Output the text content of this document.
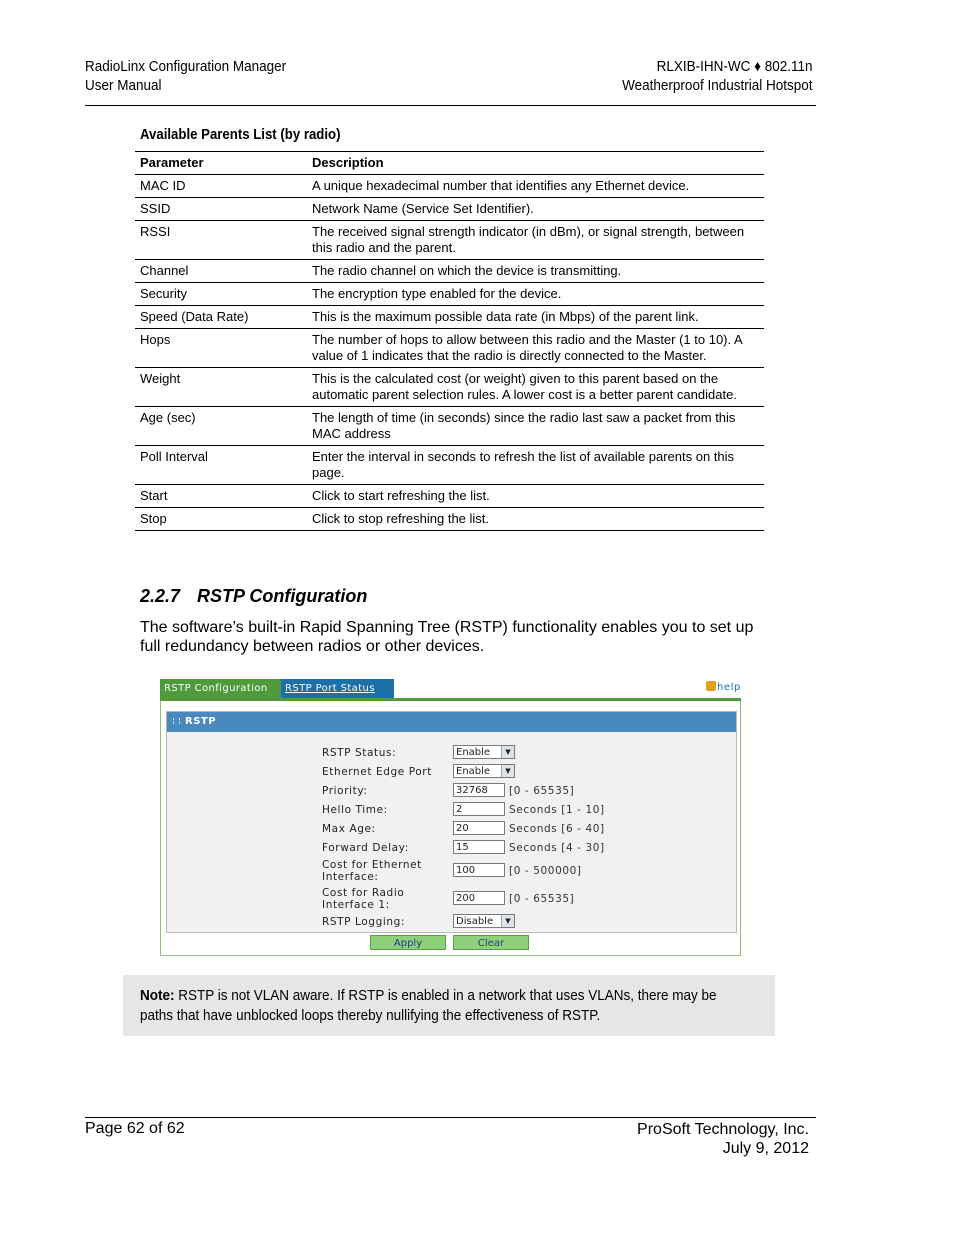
RadioLinx Configuration Manager
User Manual
RLXIB-IHN-WC ♦ 802.11n
Weatherproof Industrial Hotspot
Available Parents List (by radio)
Parameter	Description
MAC ID	A unique hexadecimal number that identifies any Ethernet device.
SSID	Network Name (Service Set Identifier).
RSSI	The received signal strength indicator (in dBm), or signal strength, between this radio and the parent.
Channel	The radio channel on which the device is transmitting.
Security	The encryption type enabled for the device.
Speed (Data Rate)	This is the maximum possible data rate (in Mbps) of the parent link.
Hops	The number of hops to allow between this radio and the Master (1 to 10). A value of 1 indicates that the radio is directly connected to the Master.
Weight	This is the calculated cost (or weight) given to this parent based on the automatic parent selection rules. A lower cost is a better parent candidate.
Age (sec)	The length of time (in seconds) since the radio last saw a packet from this MAC address
Poll Interval	Enter the interval in seconds to refresh the list of available parents on this page.
Start	Click to start refreshing the list.
Stop	Click to stop refreshing the list.
2.2.7 RSTP Configuration
The software’s built-in Rapid Spanning Tree (RSTP) functionality enables you to set up full redundancy between radios or other devices.
RSTP Configuration	RSTP Port Status	help
RSTP
RSTP Status:	Enable	▼
Ethernet Edge Port	Enable	▼
Priority:	32768	[0 - 65535]
Hello Time:	2	Seconds [1 - 10]
Max Age:	20	Seconds [6 - 40]
Forward Delay:	15	Seconds [4 - 30]
Cost for Ethernet
Interface:
100	[0 - 500000]
Cost for Radio
Interface 1:
200	[0 - 65535]
RSTP Logging:	Disable	▼
Apply	Clear
Note: RSTP is not VLAN aware. If RSTP is enabled in a network that uses VLANs, there may be paths that have unblocked loops thereby nullifying the effectiveness of RSTP.
Page 62 of 62	ProSoft Technology, Inc.
July 9, 2012
